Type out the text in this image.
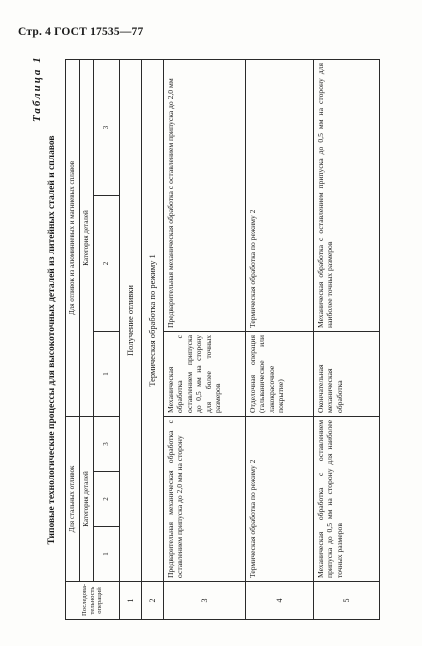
Стр. 4 ГОСТ 17535—77
Таблица 1
Типовые технологические процессы для высокоточных деталей из литейных сталей и сплавов
Последова-тельность операций	Для стальных отливок			Для отливок из алюминиевых и магниевых сплавов		
	Категория деталей			Категория деталей		
	1	2	3	1	2	3
1	Получение отливки					
2	Термическая обработка по режиму 1					
3	Предварительная механическая обработка с оставлением припуска до 2,0 мм на сторону			Механическая обработка с оставлением припуска до 0,5 мм на сторону для более точных размеров	Предварительная механическая обработка с оставлением припуска до 2,0 мм	
4	Термическая обработка по режиму 2			Отделочная операция (гальваническое или лакокрасочное покрытие)	Термическая обработка по режиму 2	
5	Механическая обработка с оставлением припуска до 0,5 мм на сторону для наиболее точных размеров			Окончательная механическая обработка	Механическая обработка с оставлением припуска до 0,5 мм на сторону для наиболее точных размеров	
